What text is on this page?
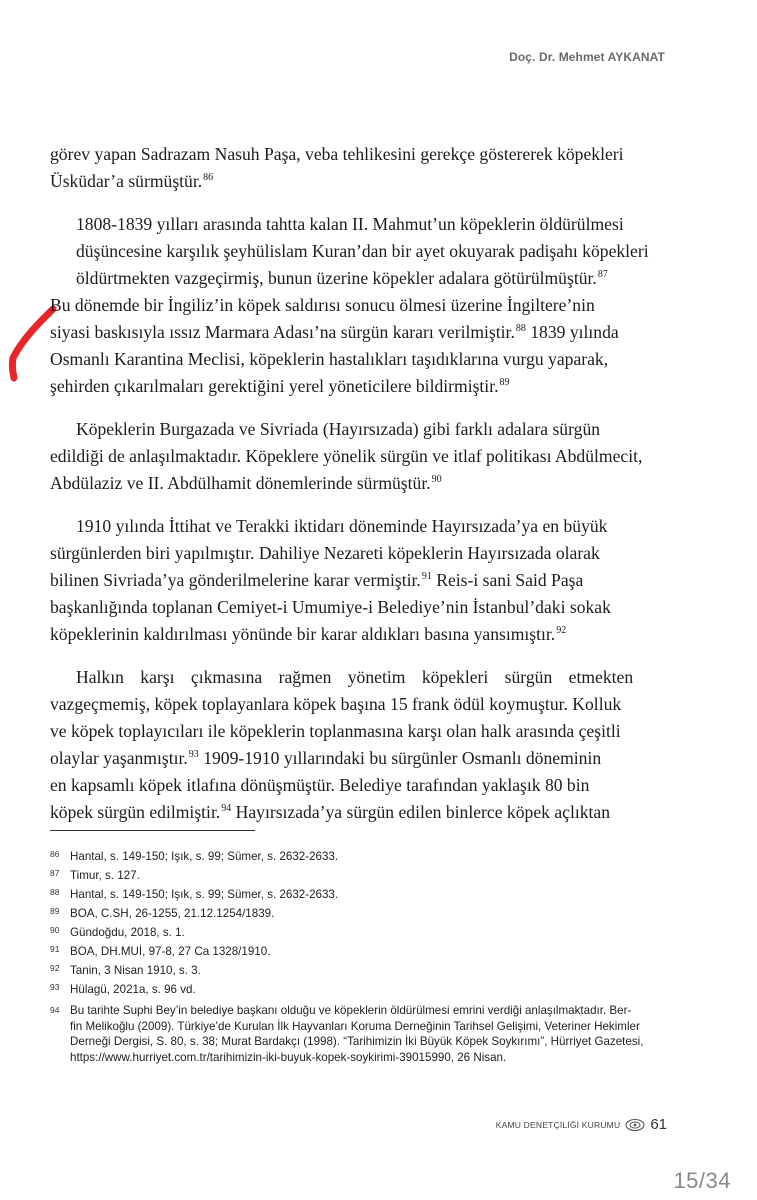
Doç. Dr. Mehmet AYKANAT

görev yapan Sadrazam Nasuh Paşa, veba tehlikesini gerekçe göstererek köpekleri
Üsküdar’a sürmüştür.$^{86}$

1808-1839 yılları arasında tahtta kalan II. Mahmut’un köpeklerin öldürülmesi
düşüncesine karşılık şeyhülislam Kuran’dan bir ayet okuyarak padişahı köpekleri
öldürtmekten vazgeçirmiş, bunun üzerine köpekler adalara götürülmüştür.$^{87}$
Bu dönemde bir İngiliz’in köpek saldırısı sonucu ölmesi üzerine İngiltere’nin
siyasi baskısıyla ıssız Marmara Adası’na sürgün kararı verilmiştir.$^{88}$ 1839 yılında
Osmanlı Karantina Meclisi, köpeklerin hastalıkları taşıdıklarına vurgu yaparak,
şehirden çıkarılmaları gerektiğini yerel yöneticilere bildirmiştir.$^{89}$

Köpeklerin Burgazada ve Sivriada (Hayırsızada) gibi farklı adalara sürgün
edildiği de anlaşılmaktadır. Köpeklere yönelik sürgün ve itlaf politikası Abdülmecit,
Abdülaziz ve II. Abdülhamit dönemlerinde sürmüştür.$^{90}$

1910 yılında İttihat ve Terakki iktidarı döneminde Hayırsızada’ya en büyük
sürgünlerden biri yapılmıştır. Dahiliye Nezareti köpeklerin Hayırsızada olarak
bilinen Sivriada’ya gönderilmelerine karar vermiştir.$^{91}$ Reis-i sani Said Paşa
başkanlığında toplanan Cemiyet-i Umumiye-i Belediye’nin İstanbul’daki sokak
köpeklerinin kaldırılması yönünde bir karar aldıkları basına yansımıştır.$^{92}$

Halkın karşı çıkmasına rağmen yönetim köpekleri sürgün etmekten
vazgeçmemiş, köpek toplayanlara köpek başına 15 frank ödül koymuştur. Kolluk
ve köpek toplayıcıları ile köpeklerin toplanmasına karşı olan halk arasında çeşitli
olaylar yaşanmıştır.$^{93}$ 1909-1910 yıllarındaki bu sürgünler Osmanlı döneminin
en kapsamlı köpek itlafına dönüşmüştür. Belediye tarafından yaklaşık 80 bin
köpek sürgün edilmiştir.$^{94}$ Hayırsızada’ya sürgün edilen binlerce köpek açlıktan

86 Hantal, s. 149-150; Işık, s. 99; Sümer, s. 2632-2633.
87 Timur, s. 127.
88 Hantal, s. 149-150; Işık, s. 99; Sümer, s. 2632-2633.
89 BOA, C.SH, 26-1255, 21.12.1254/1839.
90 Gündoğdu, 2018, s. 1.
91 BOA, DH.MUİ, 97-8, 27 Ca 1328/1910.
92 Tanin, 3 Nisan 1910, s. 3.
93 Hülagü, 2021a, s. 96 vd.
94 Bu tarihte Suphi Bey’in belediye başkanı olduğu ve köpeklerin öldürülmesi emrini verdiği anlaşılmaktadır. Ber-
fin Melikoğlu (2009). Türkiye’de Kurulan İlk Hayvanları Koruma Derneğinin Tarihsel Gelişimi, Veteriner Hekimler
Derneği Dergisi, S. 80, s. 38; Murat Bardakçı (1998). “Tarihimizin İki Büyük Köpek Soykırımı”, Hürriyet Gazetesi,
https://www.hurriyet.com.tr/tarihimizin-iki-buyuk-kopek-soykirimi-39015990, 26 Nisan.
KAMU DENETÇİLİĞİ KURUMU 61
15/34
